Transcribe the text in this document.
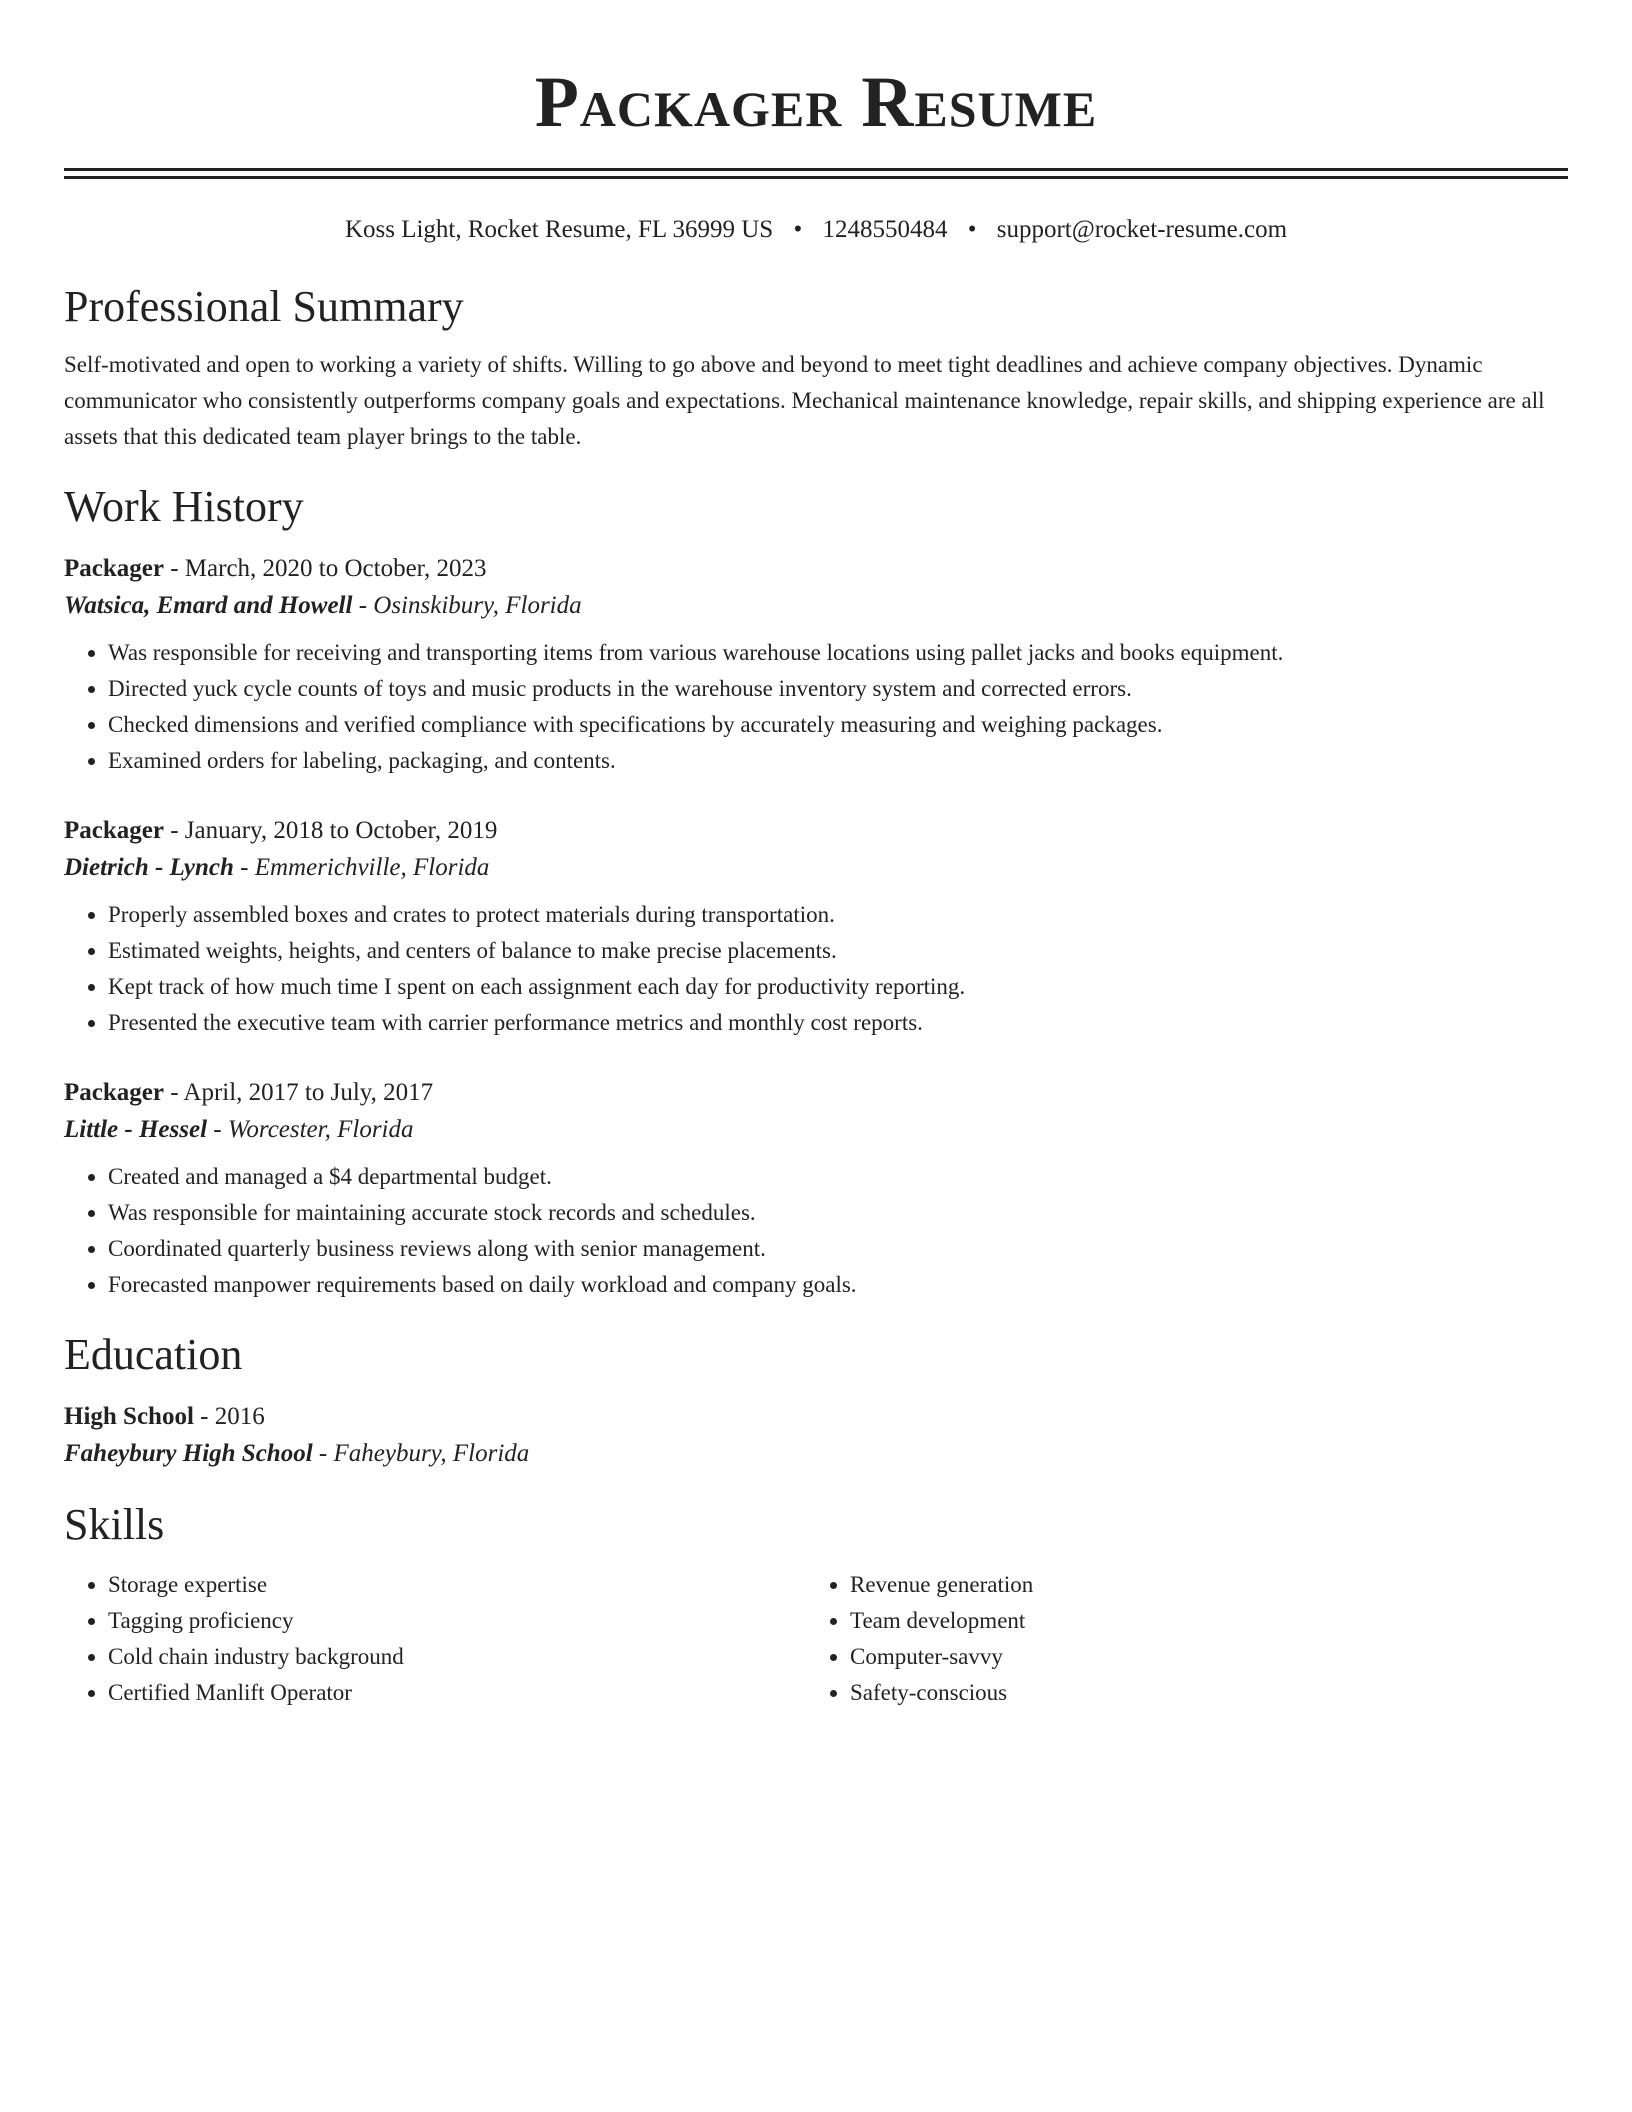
Packager Resume
Koss Light, Rocket Resume, FL 36999 US • 1248550484 • support@rocket-resume.com
Professional Summary

Self-motivated and open to working a variety of shifts. Willing to go above and beyond to meet tight deadlines and achieve company objectives. Dynamic communicator who consistently outperforms company goals and expectations. Mechanical maintenance knowledge, repair skills, and shipping experience are all assets that this dedicated team player brings to the table.

Work History
Packager - March, 2020 to October, 2023
Watsica, Emard and Howell - Osinskibury, Florida
• Was responsible for receiving and transporting items from various warehouse locations using pallet jacks and books equipment.
• Directed yuck cycle counts of toys and music products in the warehouse inventory system and corrected errors.
• Checked dimensions and verified compliance with specifications by accurately measuring and weighing packages.
• Examined orders for labeling, packaging, and contents.
Packager - January, 2018 to October, 2019
Dietrich - Lynch - Emmerichville, Florida
• Properly assembled boxes and crates to protect materials during transportation.
• Estimated weights, heights, and centers of balance to make precise placements.
• Kept track of how much time I spent on each assignment each day for productivity reporting.
• Presented the executive team with carrier performance metrics and monthly cost reports.
Packager - April, 2017 to July, 2017
Little - Hessel - Worcester, Florida
• Created and managed a $4 departmental budget.
• Was responsible for maintaining accurate stock records and schedules.
• Coordinated quarterly business reviews along with senior management.
• Forecasted manpower requirements based on daily workload and company goals.
Education
High School - 2016
Faheybury High School - Faheybury, Florida
Skills
• Storage expertise
• Tagging proficiency
• Cold chain industry background
• Certified Manlift Operator
• Revenue generation
• Team development
• Computer-savvy
• Safety-conscious
